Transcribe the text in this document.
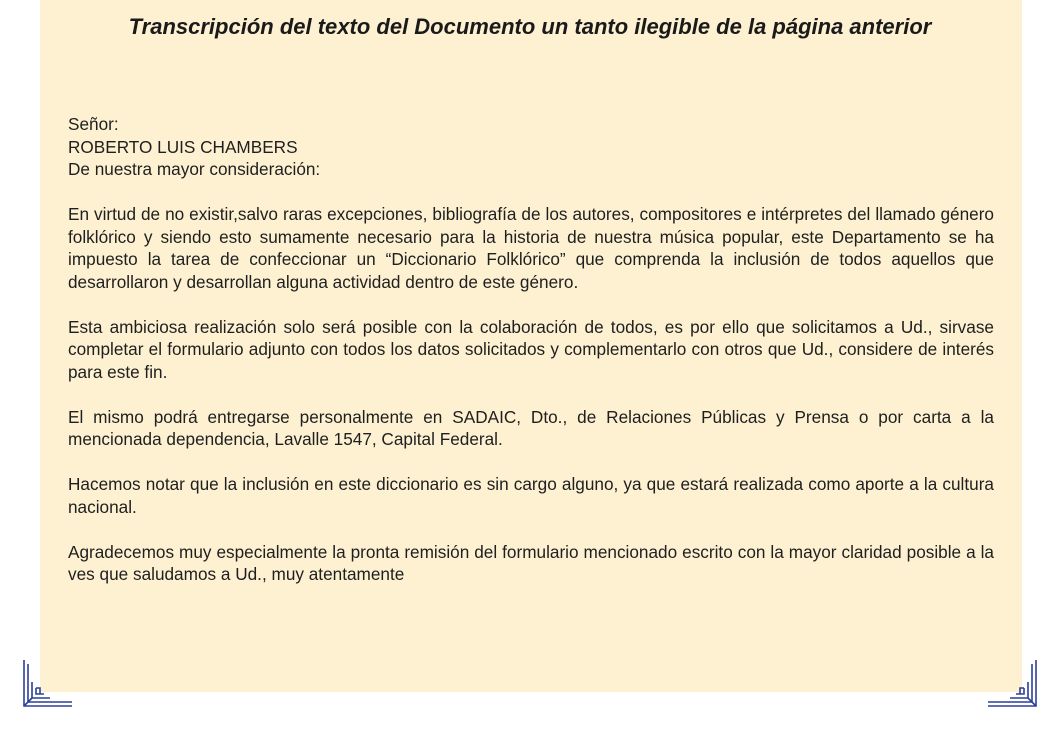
Transcripción del texto del Documento un tanto ilegible de la página anterior

Señor:
ROBERTO LUIS CHAMBERS
De nuestra mayor consideración:

En virtud de no existir,salvo raras excepciones, bibliografía de los autores, compositores e intérpretes del llamado género folklórico y siendo esto sumamente necesario para la historia de nuestra música popular, este Departamento se ha impuesto la tarea de confeccionar un “Diccionario Folklórico” que comprenda la inclusión de todos aquellos que desarrollaron y desarrollan alguna actividad dentro de este género.

Esta ambiciosa realización solo será posible con la colaboración de todos, es por ello que solicitamos a Ud., sirvase completar el formulario adjunto con todos los datos solicitados y complementarlo con otros que Ud., considere de interés para este fin.

El mismo podrá entregarse personalmente en SADAIC, Dto., de Relaciones Públicas y Prensa o por carta a la mencionada dependencia, Lavalle 1547, Capital Federal.

Hacemos notar que la inclusión en este diccionario es sin cargo alguno, ya que estará realizada como aporte a la cultura nacional.

Agradecemos muy especialmente la pronta remisión del formulario mencionado escrito con la mayor claridad posible a la ves que saludamos a Ud., muy atentamente
